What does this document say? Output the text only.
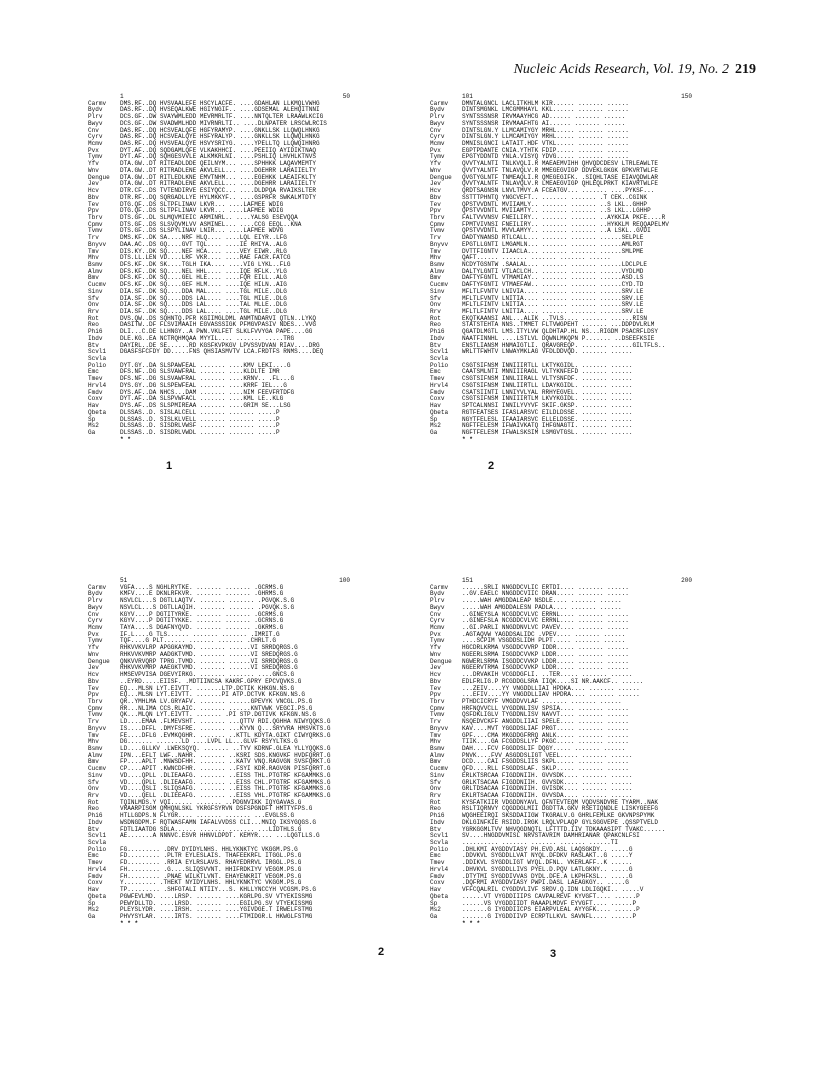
Nucleic Acids Research, Vol. 19, No. 2 219
1	50
Carmv	DMS.RF..DQ HVSVAALEFE HSCYLACFE. ....GDAHLAN LLKMQLVWHG
Bydv	DAS.RF..DQ HVSEQALKWE HGIYNGIF.. ....GDSEMAL ALEHQITNNI
Plrv	DCS.GF..DW SVAYWMLEDD MEVRMRLTF. ....NNTQLTER LRAAWLKCIG
Bwyv	DCS.GF..DW SVADWMLHDD MIVRNRLTI.. ....DLNPATER LRSCWLRCIS
Cnv	DAS.RF..DQ HCSVEALQFE HGFYRAMYP. ....GNKLLSK LLQWQLHNKG
Cyrv	DAS.RF..DQ HCSVEALQYE HSFYRALYP. ....GNKLLSK LLQWQLHNKG
Mcmv	DAS.RF..DQ HVSVEALQYE HSVYSRIYG. ....YPELLTQ LLQWQIHNRG
Pvx	DYT.AF..DQ SQDGAMLQFE VLKAKHHCI. ....PEEIIQ AYIDIKTNAQ
Tymv	DYT.AF..DQ SQHGESVVLE ALKMKRLNI. ....PSHLIQ LHVHLKTNVS
Yfv	DTA.GW..DT RITEADLDDE QEILNYM... ....SPHHKK LAQAVMEMTY
Wnv	DTA.GW..DT RITRADLENE AKVLELL... ....DGEHRR LARAIIELTY
Dengue	DTA.GW..DT RITLEDLKNE EMVTNHM... ....EGEHKK LAEAIFKLTY
Jev	DTA.GW..DT RITRADLENE AKVLELL... ....DGEHRR LARAIIELTY
Hcv	DTR.CF..DS TVTENDIRVE ESIYQCC... ....DLDPQA RVAIKSLTER
Bbv	DTR.RF..DQ SQRGADLLYE HYLMKKYF.. ....GSPRFR SWKALMTDTY
Tev	DTG.QF..DS SLTPFLINAV LKVR... ....LAFMEE WDIG
Ppv	DTG.QF..DS SLTPFLINAV LKVR... ....LAFMEE WDIG
Tbrv	DTS.GF..DL SLMQVMIEIC ARMINRL.. ....YALSG ESEVQQA
Cpmv	DTS.GF..DS SLSVQVMLVV ASMINEL... ....CCG EEQL..KNA
Tvmv	DTS.GF..DS SLSPYLINAV LNIR... ....LAFMEE WDVG
Trv	DMS.KF..DK SA....NRF HLQ.... ....LQL EIYR..LFG
Bnyvv	DAA.AC..DS GQ....GVT TQL.... ....IE RHIYA..ALG
Tmv	DIS.KY..DK SQ....NEF HCA.... ....VEY EIWR..RLG
Mhv	DTS.LL.LEN VD....LRF VKR.... ....RAE FACR.FATCG
Bsmv	DFS.KF..DK SK....TGLH IKA.... ....VIG LYKL..FLG
Almv	DFS.KF..DK SQ....NEL HHL.... ....IQE RFLK..YLG
Bmv	DFS.KF..DK SQ....GEL HLE.... ....FQR EILL..ALG
Cucmv	DFS.KF..DK SQ....GEF HLM.... ....IQE HILN..AIG
Sinv	DIA.SF..DK SQ....DDA MAL.... ....TGL MILE..DLG
Sfv	DIA.SF..DK SQ....DDS LAL.... ....TGL MILE..DLG
Onv	DIA.SF..DK SQ....DDS LAL.... ....TAL MLLE..DLG
Rrv	DIA.SF..DK SQ....DDS LAL.... ....TGL MILE..DLG
Rot	DVS.QW..DS SQHNTQ.PFR KGIIMGLDML ANMTNDARVI QTLN..LYKQ
Reo	DASITW..DF FLSVIMAAIH EGVASSSIGK PFMGVPASIV NDES...VVG
Phi6	DLI...C.DE LLHNGY..A PWN.VKLFET SLKLFVVYGA PAPE....GG
Ibdv	DLE.KG..EA NCTRQHMQAA MYYIL.... ....... .....TRG
Btv	DAYIRL..DE SE......RD KGSFKVPKGV LPVSSVDVAN RIAV....DRG
Scvl1	DGASFSFCFDY DD.....FNS QHSIASMVTV LCA.FRDTFS RNMS....DEQ
Scvla
Polio	DYT.GY..DA SLSPAWFEAL ....... ....KMV LEKI....G
Emc	DFS.NF..DG SLSVAWFRAL ....... ....KLDLTE IMR
Tmev	DFS.NF..DG SLSVAWFRAL ....... ....KRNV.. .FL...G
Hrvl4	DYS.GY..DG SLSPEWFEAL ....... ....KRRF IEL...G
Fmdv	DYS.AF..DA NHCS...DAM ....... ....NIM FEEVFRTDFG
Coxv	DYT.AF..DA SLSPVWFACL ....... ....KML LE..KLG
Hav	DYS.AF..DS SLSPMIREAA ....... ....GRIM SE...LSG
Qbeta	DLSSAS..D. SISLALCELL ....... ....... .....P
Sp	DLSSAS..D. SISLKLVELL ....... ....... .....P
Ms2	DLSSAS..D. SISDRLVWSF ....... ....... .....P
Ga	DLSSAS..D. SISDRLVWDL ....... ....... .....P
* *
101	150
Carmv	DMNTALGNCL LACLITKHLM KIR...... ....... ......
Bydv	DINTSMGNKL LMCGMMHAYL KKL...... ....... ......
Plrv	SYNTSSSNSR IRVMAAYHCG AD...... ....... ......
Bwyv	SYNTSSSNSR IRVMAAFHTG AI...... ....... ......
Cnv	DINTSLGN.Y LLMCAMIYGY MRHL..... ....... ......
Cyrv	DINTSLGN.Y LLMCAMIYGY MRHL..... ....... ......
Mcmv	DMNISLGNCI LATAIT.HDF VTKL..... ....... ......
Pvx	EGPTPDANTE CNIA.YTHTK FDIP..... ....... ......
Tymv	EPGTYDDNTD YNLA.VISYQ YDVG..... ....... ......
Yfv	QVVTYALNTI TNLKVQLI.R MAEAEMVIHH QHVQDCDESV LTRLEAWLTE
Wnv	QVVTYALNTF TNLAVQLV.R MMEGEGVIGP DDVEKLGKGK GPKVRTWLFE
Dengue	QVGTYGLNTF TNMEAQLI.R QMEGEGIFK. .SIQHLTASE EIAVQDWLAR
Jev	QVVTYALNTF TNLAVQLV.R LMEAEGVIGP QHLEQLPRKT KIAVRTWLFE
Hcv	QRDTSAGNSN LNVLTMVY.A FCEATGV... ....... ....PYKSF...
Bbv	SSTTTPHNTQ YNGCVEFT.. ....... ....... .T CEK..CGINK
Tev	QPSTVVDNTL MVIIAMLY.. ....... ....... ..S LKL..GHHP
Ppv	QPSTVVDNTL MVIIAMTY.. ....... ....... ..S LKL..LGHHP
Tbrv	FALTVVVNSV FNEILIRY.. ....... ....... ..AYKKIA PKFE....R
Cpmv	FPMTVIVNSI FNEILIRY.. ....... ....... ..HYKKLM REQQAPELMV
Tvmv	QPSTVVDNTL MVVLAMYY.. ....... ....... ..A LSKL..GVDI
Trv	DADTYNANSD RTLCALL... ....... ....... ......SELPLE
Bnyvv	EPGTLLGNTI LMGAMLN... ....... ....... ......AMLRGT
Tmv	DVTTFIGNTV IIAACLA... ....... ....... ......SMLPME
Mhv	QAFT...... ....... ....... ....... ......
Bsmv	NCDYTGSNTW .SAALAL... ....... ....... ......LDCLPLE
Almv	DALTYLGNTI VTLACLCH.. ....... ....... ......VYDLMD
Bmv	DAFTYFGNTL VTMAMIAY.. ....... ....... ......ASD.LS
Cucmv	DAFTYFGNTI VTMAEFAW.. ....... ....... ......CYD.TD
Sinv	MFLTLFVNTV LNIVIA.... ....... ....... ......SRV.LE
Sfv	MFLTLFVNTV LNITIA.... ....... ....... ......SRV.LE
Onv	MFLTLFINTV LNITIA.... ....... ....... ......SRV.LE
Rrv	MFLTLFINTV LNITIA.... ....... ....... ......SRV.LE
Rot	EKQTKAANSI ANL...ALIK ..TVLS.... ....... ......RISN
Reo	STATSTEHTA NNS..TMMET FLTVWGPEHT ....... ...DDPDVLRLM
Phi6	QGATDLMGTL LMS.ITYLVW QLDHTAP.HL NS...RIGDM PSACRFLDSY
Ibdv	NAATFINNHL ....LSTLVL DQWNLMKQPN P....... ..DSEEFKSIE
Btv	ENSTLIANSM HNMAIGTLI. QRAVGREQP. ....... ......GILTFLS..
Scvl1	WRLTTFWHTV LNWAYMKLAG VFDLDDVQD. ....... ......
Scvla
Polio	CSGTSIFNSM INNIIIRTLL LKTYKGIDL. ....... ......
Emc	CAATSMLNTI MNNIIIRAGL VLTYKNFEFD ....... ......
Tmev	CSGTSIFNSM INNLIIRALL VLTYSNFDF. ....... ......
Hrvl4	CSGTSIFNSM INNLIIRTLL LDAYKGIDL. ....... ......
Fmdv	CSATSIINTI LNNIYVLYAL RRHYEGVEL. ....... ......
Coxv	CSGTSIFNSM INNIIIRTLM LKVYKGIDL. ....... ......
Hav	SPTCALNNSI INNILYVYVF SKIF.GKSP. ....... ......
Qbeta	RGTFEATSES IFASLARSVC EILDLDSSE. ....... ......
Sp	NGYTFELESL IFAAIARSVC ELLELDSSE. ....... ......
Ms2	NGFTFELESM IFWAIVKATQ IHFGNAGTI. ....... ......
Ga	NGFTFELESM IFWALSKSIM LSMGVTGSL. ....... ......
* *
51	100
Carmv	VGFA....S NGHLRYTKE. ....... ....... .GCRMS.G
Bydv	KMFV....E DKNLRFKVR. ....... ....... .GHRMS.G
Plrv	NSVLCL...S DGTLLAQTV. ....... ....... .PGVQK.S.G
Bwyv	NSVLCL...S DGTLLAQIH. ....... ....... .PGVQK.S.G
Cnv	KGYV....P DGTITYRKE. ....... ....... .GCRMS.G
Cyrv	KGYV....P DGTITYKKE. ....... ....... .GCRNS.G
Mcmv	TAYA....S DGAFNYQVD. ....... ....... .GKRMS.G
Pvx	IF.L....G TLS...... ....... ....... .IMRIT.G
Tymv	TQF....G PLT...... ....... ....... .CHRLT.G
Yfv	RHKVVKVLRP APGGKAYMD. ....... ......VI SRRDQRGS.G
Wnv	RHKVVKVMRP AADGKTVMD. ....... ......VI SREDQRGS.G
Dengue	QNKVVRVQRP TPRG.TVMD. ....... ......VI SRRDQRGS.G
Jev	RHKVVKVMRP AAEGKTVMD. ....... ......VI SREDQRGS.G
Hcv	HMSEVPVISA DGEVYIRKG. ....... ....... ....GNCS.G
Bbv	..EYRD.....EIISF. .MDTIINCSA KAKRF.GPRY EPCVQVKS.G
Tev	EQ...MLSN LYT.EIVTT. .......LTP.DCTIK KHKGN.NS.G
Ppv	EQ...MLSN LYT.EIVTT. .......PI ATP.DCTVK KFKGN.NS.G
Tbrv	QR..YMHLMA LV.GRYAFV. ....... ......GPEVYK VNCGL.PS.G
Cpmv	RR...NLIMA CCS.RLAIC. ....... ......KNTVWK VEGCI.PS.G
Tvmv	QK...MLQN LYT.EIVTT. ....... .PI STP.DGTIVK KFKGN.NS.G
Trv	LD....EMAA .FLMEVSHT. ....... ...QTTV RDI.QGHHA NIWYQQKS.G
Bnyvv	IS....DFFL .DMYFSFRE. ....... ...KYVN Q...SRYVRA HMSVKTS.G
Tmv	FE....DFLG .EVMKQGHR. ....... ..KTTL KDYTA.GIKT CIWYQRKS.G
Mhv	DG....... .......LD ....LVPL LL...GLVF RSYYLTKS.G
Bsmv	LD....GLLKV .LWEKSQYQ. ....... ..TYV KDRNF.GLEA YLLYQQKS.G
Almv	IPN...EFLT LWF..NAHR. ....... ..KSRI SDS.KNGVKF HVDFQRRT.G
Bmv	FP....APLT .MNWSDFHH. ....... ..KATV VNQ.RAGVGN SVSFQRKT.G
Cucmv	CP....APIT .KWNCDFHR. ....... ..FSYI KDR.RAGVGN PISFQRRT.G
Sinv	VD....QPLL .DLIEAAFG. ....... ..EISS THL.PTGTRF KFGAMMKS.G
Sfv	VD....QPLL .DLIEAAFG. ....... ..EISS CHL.PTGTRF KFGAMMKS.G
Onv	VD....QSLI .SLIQSAFG. ....... ..EISS THL.PTGTRF KFGAMMKS.G
Rrv	VD....QELL .DLIEEAFG. ....... ..EISS VHL.PTGTRF KFGAMMKS.G
Rot	TQINLMDS.Y VQI...... ....... ..PDGNVIKK IQYGAVAS.G
Reo	VRAARPISGM QMHQNLSKL YKRGFSYRVN DSFSPGNDFT HMTTYFPS.G
Phi6	HTLLGDPS.N FLYGR.... ....... ....... ...EVGLSS.G
Ibdv	WSDNGDPM.F RQTWASFAMN IAFALVVDSS CLI...MNIQ IKSYGQGS.G
Btv	FDTLIAATDG SDLA...... ....... ....... ...LIDTHLS.G
Scvl1	AE.......A NNNVC.ESVR HHNVLDPDT. KEMYR.... ...LQGTLLS.G
Scvla
Polio	FG......... .DRV DYIDYLNHS. HHLYKNKTYC VKGGM.PS.G
Emc	FD......... .PLTR EYLESLAIS. THAFEEKRFL ITGGL.PS.G
Tmev	FD......... .RRIA EYLRSLAVS. RHAYEDRRVL IRGGL.PS.G
Hrvl4	FH......... .G....SLIQSVVNT. HHIFRDKIYV VEGGM.PS.G
Fmdv	FH......... .PNAE WILKTLVNT. EHAYENKRIT VEGGM.PS.G
Coxv	Y......... .THEKT NYIDYLNHS. HHLYKNKTYC VKGGM.PS.G
Hav	TP......... .SHFGTALI NTIIY...S. KHLLYNCCYH VCGSM.PS.G
Qbeta	PGWFEVLMD. ....LRSP. ....... ....KGRLPG.SV VTYEKISSMG
Sp	PEWYDLLTD. ....LRSD. ....... ....EGILPG.SV VTYEKISSMG
Ms2	PLEYSLYDR. ....IRSH. ....... ....YGIVDGE.T IRWELFSTMG
Ga	PHVYSYLAR. ....IRTS. ....... ....FTMIDGR.L HKWGLFSTMG
* * *
151	200
Carmv	......SRLI NNGDDCVLIC ERTDI.... ....... ......
Bydv	..GV.EAELC NNGDDCVIIC DRAN..... ....... ......
Plrv	.....WAH AMGDDALEAP NSDLE.... ....... ......
Bwyv	.....WAH AMGDDALESN PADLA.... ....... ......
Cnv	..GINEYSLA NCGDDCVLVC ERRNL.... ....... ......
Cyrv	..GINEFSLA NCGDDCVLVC ERRNL.... ....... ......
Mcmv	..GI.PARLI NNGDDNVLVC PAVEV.... ....... ......
Pvx	.AGTAQVW YAGDDSALIDC .VPEV.... ....... ......
Tymv	....SCPIM VSGDDSLIDH PLPT..... ....... ......
Yfv	HGCDRLKRMA VSGDDCVVRP IDDR..... ....... ......
Wnv	NGEERLSRMA ISGDDCVVKP LDDR..... ....... ......
Dengue	NGWERLSRMA ISGDDCVVKP LDDR..... ....... ......
Jev	NGEERVTRMA ISGDDCVVKP LDDR..... ....... ......
Hcv	...DRVAKIH VCGDDGFLI. ..TER..... ....... ......
Bbv	EDLFRLIG.P RCGDDGLSRA IIQK....SI NR.AAKCF.. ......
Tev	...ZEIV....YY VNGDDLLIAI HPDKA.... ....... ......
Ppv	...EFIV....YY VNGDDLLIAV HPDRA.... ....... ......
Tbrv	PTHDCICRYF VMGDDVVLAF ....... ....... ......
Cpmv	HRFNQVVCLL VYGDDNLISV SPSIA.... ....... ......
Tvmv	QSFDKLIGLV TYGDDNLISV NAVVT.... ....... ......
Trv	NSQEDVCKFF ANGDDLIIAI SPELE.... ....... ......
Bnyvv	KAV....MVT YGGDDSLIAF PRGT..... ....... ......
Tmv	GPF....CMA MKGDDGFRRQ ANLK..... ....... ......
Mhv	TIIK....GA FCGDDSLLYF PKGC..... ....... ......
Bsmv	DAH....FCV FGGDDSLIF DQGY..... ....... ......
Almv	PNVK....FVV ASGDDSLIGT VEEL..... ....... ......
Bmv	DCD....CAI FSGDDSLIIS SKPL..... ....... ......
Cucmv	QFD....RLL FSGDDSLAF. SKLP..... ....... ......
Sinv	ERLKTSRCAA FIGDDNIIH. GVVSDK.... ....... ......
Sfv	GRLKTSACAA FIGDDNIIH. GVVSDK.... ....... ......
Onv	GRLTDSACAA FIGDDNIIH. GVISDK.... ....... ......
Rrv	EKLRTSACAA FIGDDNIIH. GVVSDA.... ....... ......
Rot	KYSFATKIIR VDGDDNYAVL QFNTEVTEQM VQDVSNDVRE TYARM..NAK
Reo	RSLTIQRNVY CQGDDGLMII DGDTTA.GKV RSETIQNDLE LISKYGEEFG
Phi6	WQGHEEIRQI SKSDDAIIGW TKGRALV.G GHRLFEMLKE GKVNPSPYMK
Ibdv	DKLGINFKIE RSIDD.IRGK LRQLVPLAQP GYLSGGVEPE .QSSPTVELD
Btv	YGRKGGMLTVV NHVQGDNQTL LFTTTD.IIV TDKAAASIPT TVAKC......
Scvl1	SV....HNGDDVMISL NRVSTAVRIM DAMHRIANAR QPAKCNLFSI
Scvla	.......... ....... ....... ....... ......TI
Polio	.DHLKMI AYGDDVIASY PH.EVD.ASL LAQSGKDY.. .....G
Emc	.DDVKVL SYGDDLLVAT NYQL.DFDKV RASLAKT..G .....Y
Tmev	.DDIKVL SYGDDLIGT WYQL.DFNL. VKERLAFF..K ......
Hrvl4	.DHVKVL SYGDDLLIVS PYEL.D.PQV LATLGKNY.. .....G
Fmdv	.DTYTMI SYGDDIVVAS DYDL.DFE.A LKPHFKSL.. .....G
Coxv	.DQFRMI AYGDDVIASY PWPI.DASL LAEAGKGY.. .....G
Hav	VFFCQALRIL CYGDDVLIVF SRDV.Q.IDN LDLIGQKI.. .....V
Qbeta	......VT VYGDDIIIPS CAVPALREVF KYVGFT.... ......P
Sp	......VS VYGDDIIDT RAAAPLMDVF EYVGFT.... ......P
Ms2	.......G IYGDDIICPS EIARPVLEAL AYYGFK.... ......P
Ga	.......G IYGDDIIVP ECRPTLLKVL SAVNFL.... ......P
* * *
1	2
2	3
